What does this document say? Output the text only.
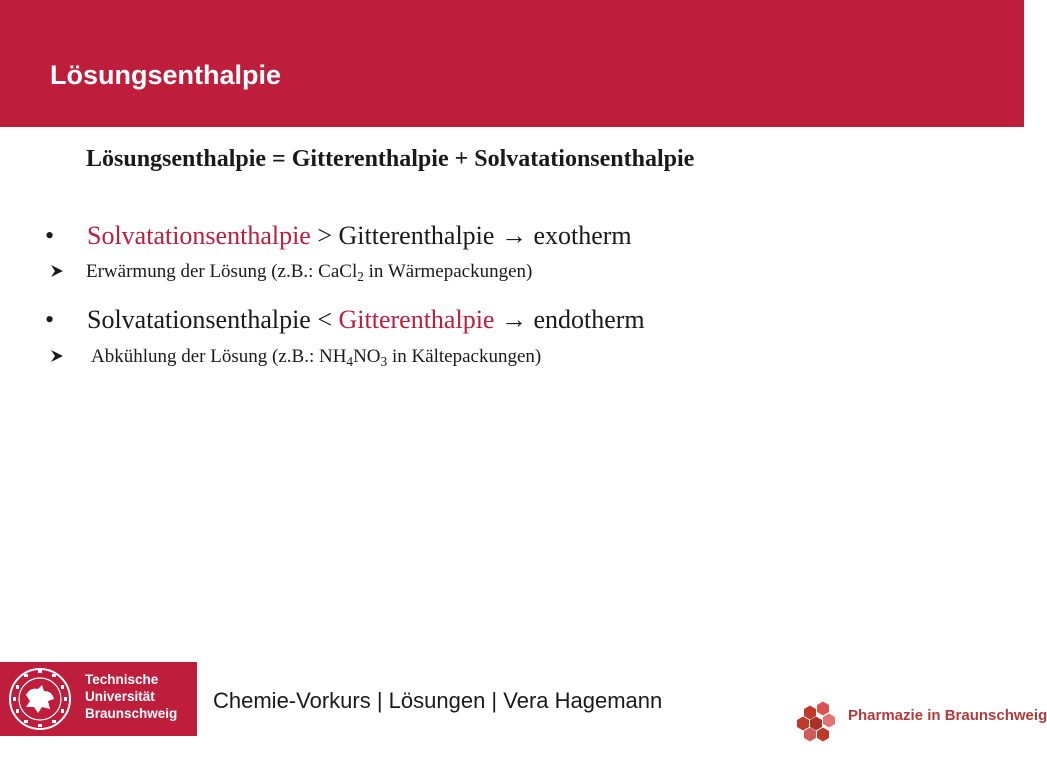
Lösungsenthalpie
Lösungsenthalpie = Gitterenthalpie + Solvatationsenthalpie
• Solvatationsenthalpie > Gitterenthalpie → exotherm
Erwärmung der Lösung (z.B.: CaCl$_2$ in Wärmepackungen)
• Solvatationsenthalpie < Gitterenthalpie → endotherm
Abkühlung der Lösung (z.B.: $NH_4NO_3$ in Kältepackungen)
Technische
Universität
Braunschweig
Chemie-Vorkurs | Lösungen | Vera Hagemann
Pharmazie in Braunschweig
